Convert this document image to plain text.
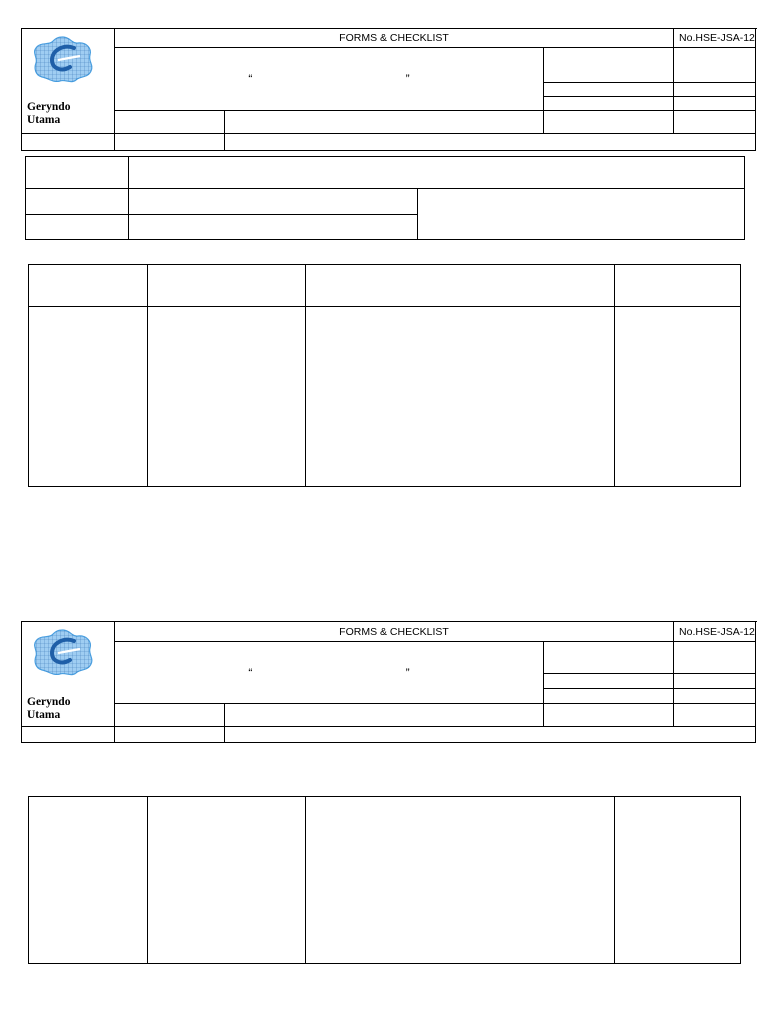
Geryndo
Utama	FORMS & CHECKLIST			No.HSE-JSA-12
	“ ”			

Geryndo
Utama	FORMS & CHECKLIST			No.HSE-JSA-12
	“ ”			
